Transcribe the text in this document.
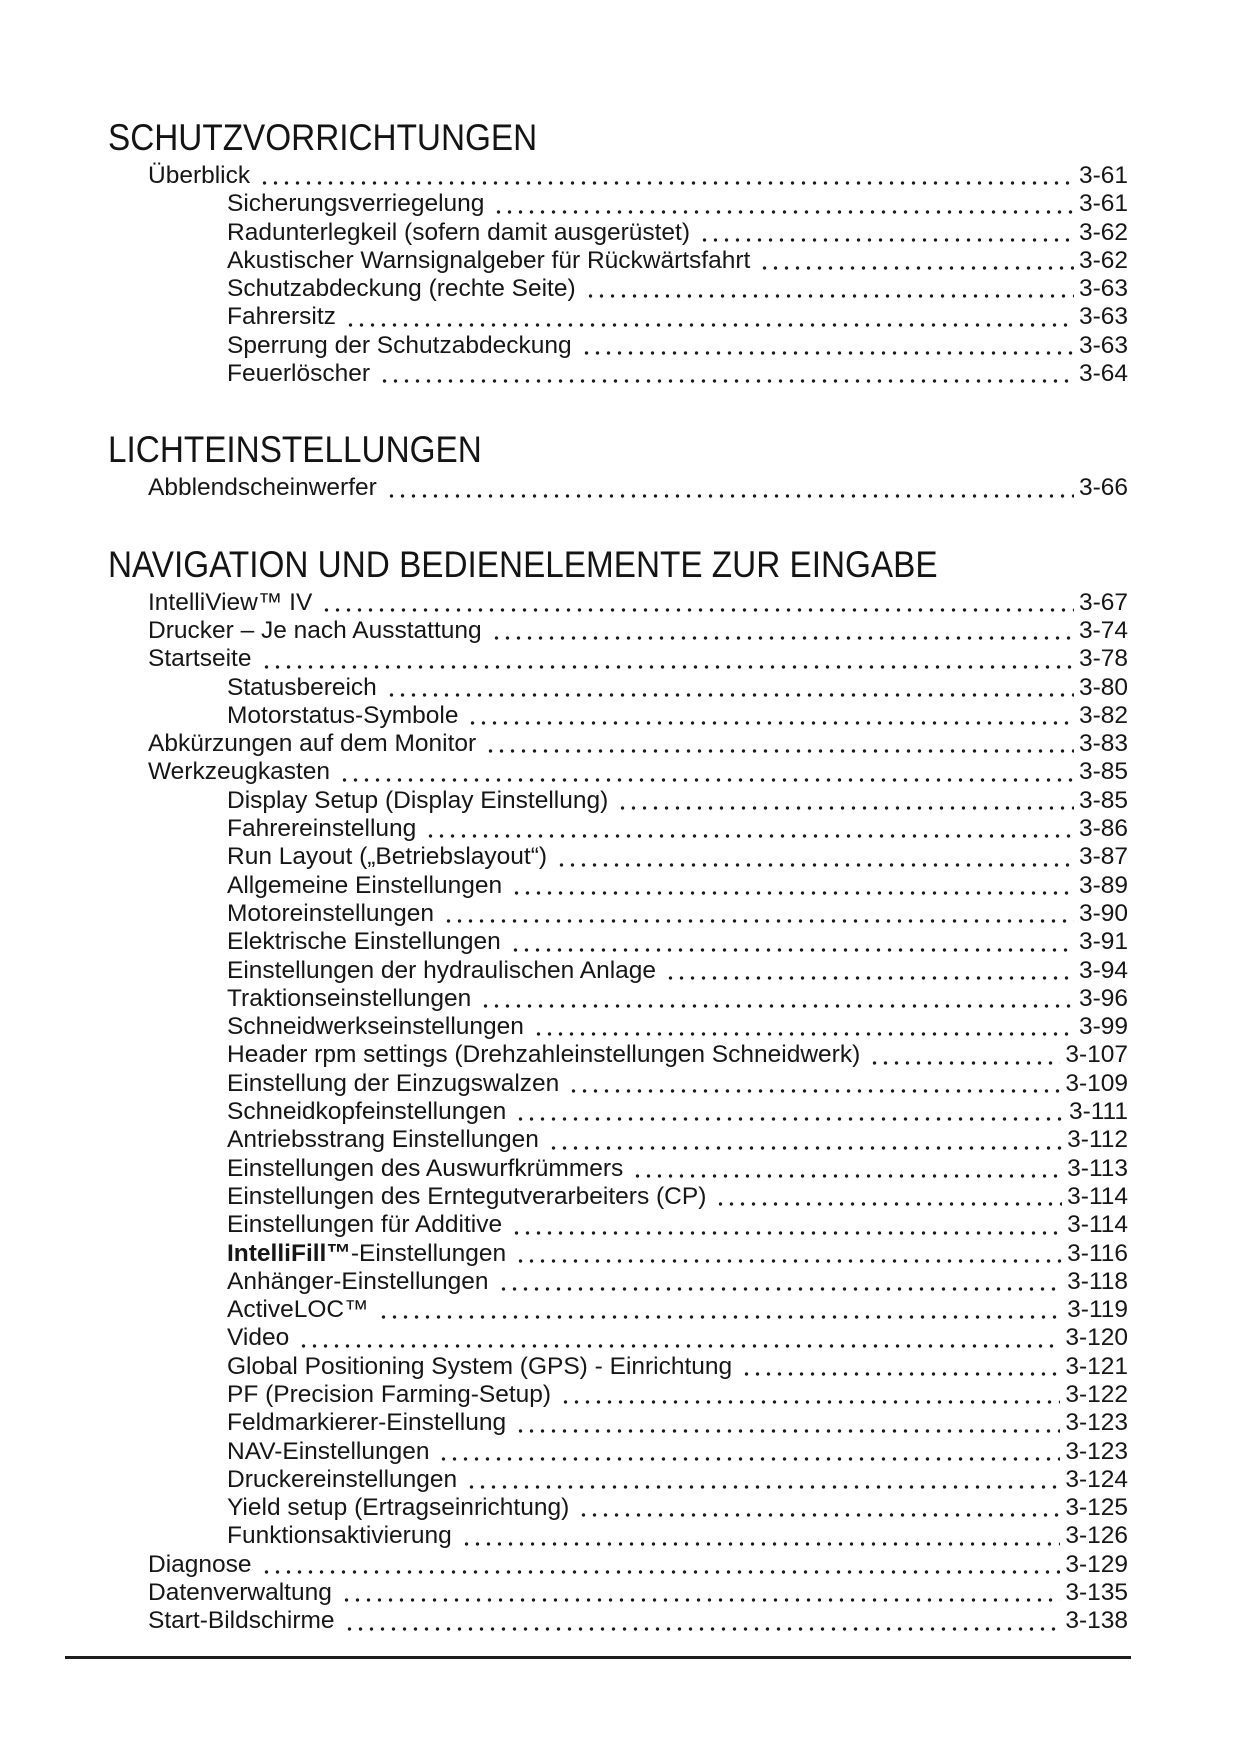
SCHUTZVORRICHTUNGEN
Überblick	3-61
Sicherungsverriegelung	3-61
Radunterlegkeil (sofern damit ausgerüstet)	3-62
Akustischer Warnsignalgeber für Rückwärtsfahrt	3-62
Schutzabdeckung (rechte Seite)	3-63
Fahrersitz	3-63
Sperrung der Schutzabdeckung	3-63
Feuerlöscher	3-64
LICHTEINSTELLUNGEN
Abblendscheinwerfer	3-66
NAVIGATION UND BEDIENELEMENTE ZUR EINGABE
IntelliView™ IV	3-67
Drucker – Je nach Ausstattung	3-74
Startseite	3-78
Statusbereich	3-80
Motorstatus-Symbole	3-82
Abkürzungen auf dem Monitor	3-83
Werkzeugkasten	3-85
Display Setup (Display Einstellung)	3-85
Fahrereinstellung	3-86
Run Layout („Betriebslayout“)	3-87
Allgemeine Einstellungen	3-89
Motoreinstellungen	3-90
Elektrische Einstellungen	3-91
Einstellungen der hydraulischen Anlage	3-94
Traktionseinstellungen	3-96
Schneidwerkseinstellungen	3-99
Header rpm settings (Drehzahleinstellungen Schneidwerk)	3-107
Einstellung der Einzugswalzen	3-109
Schneidkopfeinstellungen	3-111
Antriebsstrang Einstellungen	3-112
Einstellungen des Auswurfkrümmers	3-113
Einstellungen des Erntegutverarbeiters (CP)	3-114
Einstellungen für Additive	3-114
IntelliFill™-Einstellungen	3-116
Anhänger-Einstellungen	3-118
ActiveLOC™	3-119
Video	3-120
Global Positioning System (GPS) - Einrichtung	3-121
PF (Precision Farming-Setup)	3-122
Feldmarkierer-Einstellung	3-123
NAV-Einstellungen	3-123
Druckereinstellungen	3-124
Yield setup (Ertragseinrichtung)	3-125
Funktionsaktivierung	3-126
Diagnose	3-129
Datenverwaltung	3-135
Start-Bildschirme	3-138
